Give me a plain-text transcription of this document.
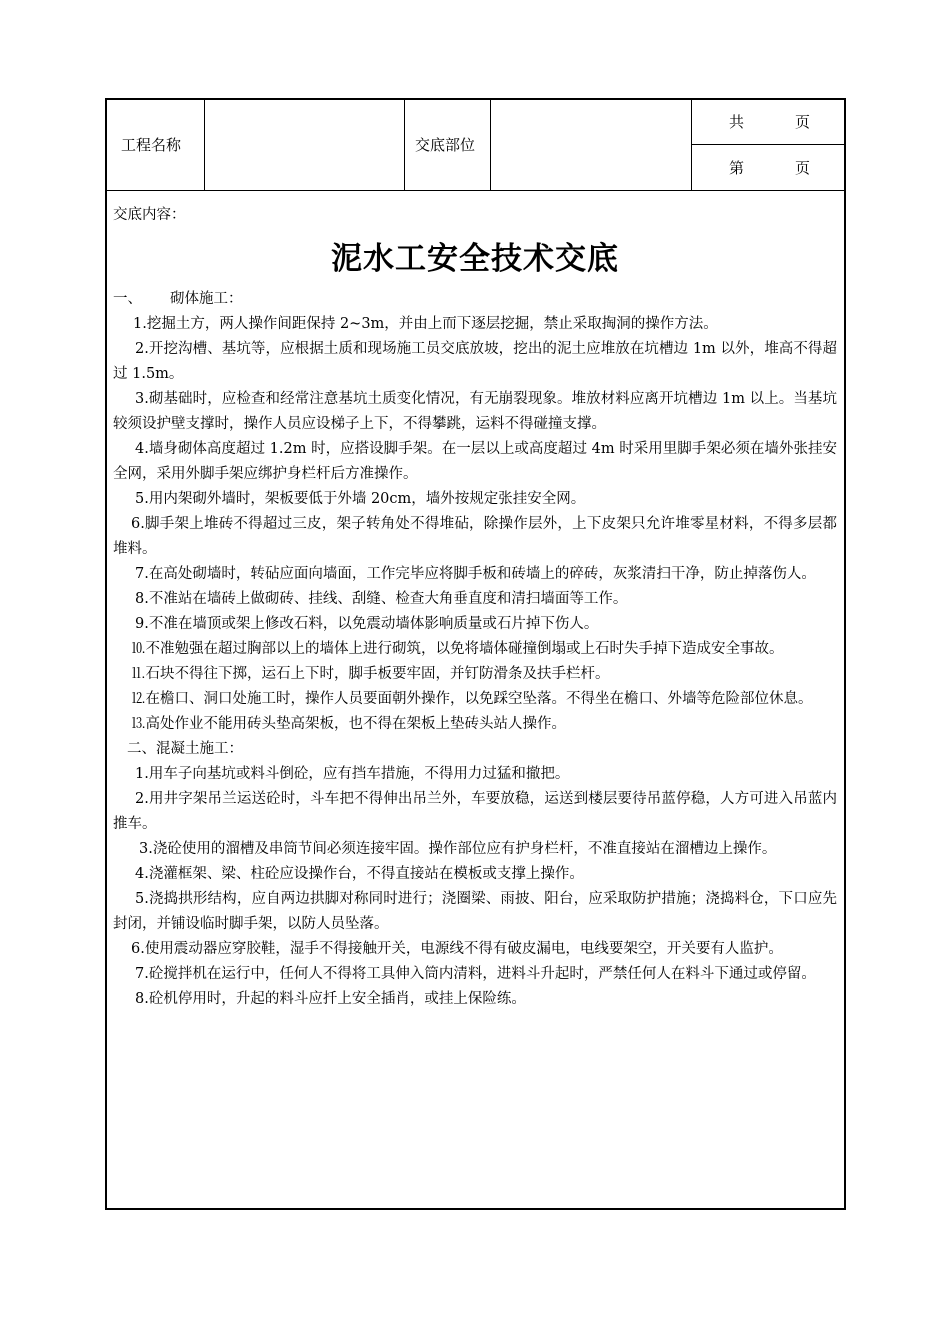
工程名称	交底部位
共	页
第	页
交底内容：
泥水工安全技术交底
一、 砌体施工：
1.挖掘土方，两人操作间距保持 2~3m，并由上而下逐层挖掘，禁止采取掏洞的操作方法。
2.开挖沟槽、基坑等，应根据土质和现场施工员交底放坡，挖出的泥土应堆放在坑槽边 1m 以外，堆高不得超过 1.5m。
3.砌基础时，应检查和经常注意基坑土质变化情况，有无崩裂现象。堆放材料应离开坑槽边 1m 以上。当基坑较须设护壁支撑时，操作人员应设梯子上下，不得攀跳，运料不得碰撞支撑。
4.墙身砌体高度超过 1.2m 时，应搭设脚手架。在一层以上或高度超过 4m 时采用里脚手架必须在墙外张挂安全网，采用外脚手架应绑护身栏杆后方准操作。
5.用内架砌外墙时，架板要低于外墙 20cm，墙外按规定张挂安全网。
6.脚手架上堆砖不得超过三皮，架子转角处不得堆砧，除操作层外，上下皮架只允许堆零星材料，不得多层都堆料。
7.在高处砌墙时，转砧应面向墙面，工作完毕应将脚手板和砖墙上的碎砖，灰浆清扫干净，防止掉落伤人。
8.不准站在墙砖上做砌砖、挂线、刮缝、检查大角垂直度和清扫墙面等工作。
9.不准在墙顶或架上修改石料，以免震动墙体影响质量或石片掉下伤人。
⒑不准勉强在超过胸部以上的墙体上进行砌筑，以免将墙体碰撞倒塌或上石时失手掉下造成安全事故。
⒒石块不得往下掷，运石上下时，脚手板要牢固，并钉防滑条及扶手栏杆。
⒓在檐口、洞口处施工时，操作人员要面朝外操作，以免踩空坠落。不得坐在檐口、外墙等危险部位休息。
⒔高处作业不能用砖头垫高架板，也不得在架板上垫砖头站人操作。
二、混凝土施工：
1.用车子向基坑或料斗倒砼，应有挡车措施，不得用力过猛和撤把。
2.用井字架吊兰运送砼时，斗车把不得伸出吊兰外，车要放稳，运送到楼层要待吊蓝停稳，人方可进入吊蓝内推车。
3.浇砼使用的溜槽及串筒节间必须连接牢固。操作部位应有护身栏杆，不准直接站在溜槽边上操作。
4.浇灌框架、梁、柱砼应设操作台，不得直接站在模板或支撑上操作。
5.浇捣拱形结构，应自两边拱脚对称同时进行；浇圈梁、雨披、阳台，应采取防护措施；浇捣料仓，下口应先封闭，并铺设临时脚手架，以防人员坠落。
6.使用震动器应穿胶鞋，湿手不得接触开关，电源线不得有破皮漏电，电线要架空，开关要有人监护。
7.砼搅拌机在运行中，任何人不得将工具伸入筒内清料，进料斗升起时，严禁任何人在料斗下通过或停留。
8.砼机停用时，升起的料斗应扦上安全插肖，或挂上保险练。
